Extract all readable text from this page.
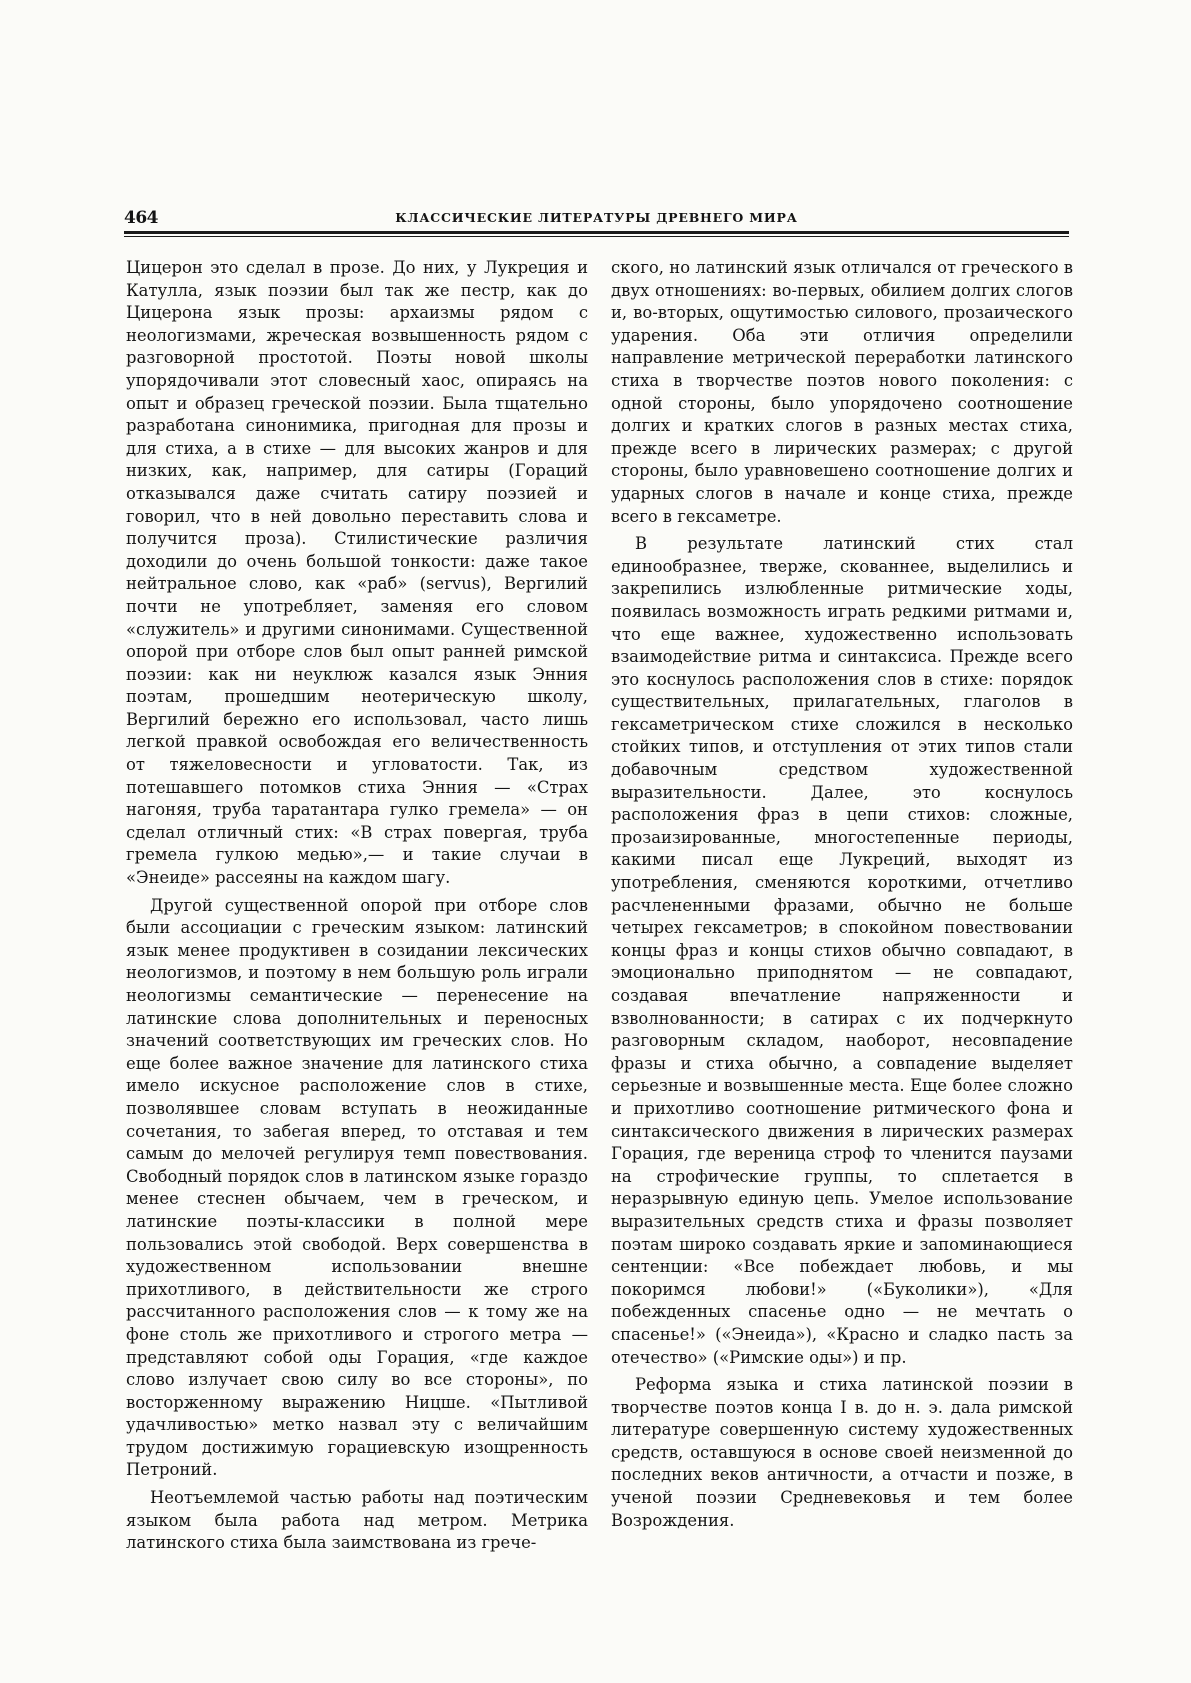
464	КЛАССИЧЕСКИЕ ЛИТЕРАТУРЫ ДРЕВНЕГО МИРА

Цицерон это сделал в прозе. До них, у Лукреция и Катулла, язык поэзии был так же пестр, как до Цицерона язык прозы: архаизмы рядом с неологизмами, жреческая возвышенность рядом с разговорной простотой. Поэты новой школы упорядочивали этот словесный хаос, опираясь на опыт и образец греческой поэзии. Была тщательно разработана синонимика, пригодная для прозы и для стиха, а в стихе — для высоких жанров и для низких, как, например, для сатиры (Гораций отказывался даже считать сатиру поэзией и говорил, что в ней довольно переставить слова и получится проза). Стилистические различия доходили до очень большой тонкости: даже такое нейтральное слово, как «раб» (servus), Вергилий почти не употребляет, заменяя его словом «служитель» и другими синонимами. Существенной опорой при отборе слов был опыт ранней римской поэзии: как ни неуклюж казался язык Энния поэтам, прошедшим неотерическую школу, Вергилий бережно его использовал, часто лишь легкой правкой освобождая его величественность от тяжеловесности и угловатости. Так, из потешавшего потомков стиха Энния — «Страх нагоняя, труба таратантара гулко гремела» — он сделал отличный стих: «В страх повергая, труба гремела гулкою медью»,— и такие случаи в «Энеиде» рассеяны на каждом шагу.

Другой существенной опорой при отборе слов были ассоциации с греческим языком: латинский язык менее продуктивен в созидании лексических неологизмов, и поэтому в нем большую роль играли неологизмы семантические — перенесение на латинские слова дополнительных и переносных значений соответствующих им греческих слов. Но еще более важное значение для латинского стиха имело искусное расположение слов в стихе, позволявшее словам вступать в неожиданные сочетания, то забегая вперед, то отставая и тем самым до мелочей регулируя темп повествования. Свободный порядок слов в латинском языке гораздо менее стеснен обычаем, чем в греческом, и латинские поэты-классики в полной мере пользовались этой свободой. Верх совершенства в художественном использовании внешне прихотливого, в действительности же строго рассчитанного расположения слов — к тому же на фоне столь же прихотливого и строгого метра — представляют собой оды Горация, «где каждое слово излучает свою силу во все стороны», по восторженному выражению Ницше. «Пытливой удачливостью» метко назвал эту с величайшим трудом достижимую горациевскую изощренность Петроний.

Неотъемлемой частью работы над поэтическим языком была работа над метром. Метрика латинского стиха была заимствована из грече-

ского, но латинский язык отличался от греческого в двух отношениях: во-первых, обилием долгих слогов и, во-вторых, ощутимостью силового, прозаического ударения. Оба эти отличия определили направление метрической переработки латинского стиха в творчестве поэтов нового поколения: с одной стороны, было упорядочено соотношение долгих и кратких слогов в разных местах стиха, прежде всего в лирических размерах; с другой стороны, было уравновешено соотношение долгих и ударных слогов в начале и конце стиха, прежде всего в гексаметре.

В результате латинский стих стал единообразнее, тверже, скованнее, выделились и закрепились излюбленные ритмические ходы, появилась возможность играть редкими ритмами и, что еще важнее, художественно использовать взаимодействие ритма и синтаксиса. Прежде всего это коснулось расположения слов в стихе: порядок существительных, прилагательных, глаголов в гексаметрическом стихе сложился в несколько стойких типов, и отступления от этих типов стали добавочным средством художественной выразительности. Далее, это коснулось расположения фраз в цепи стихов: сложные, прозаизированные, многостепенные периоды, какими писал еще Лукреций, выходят из употребления, сменяются короткими, отчетливо расчлененными фразами, обычно не больше четырех гексаметров; в спокойном повествовании концы фраз и концы стихов обычно совпадают, в эмоционально приподнятом — не совпадают, создавая впечатление напряженности и взволнованности; в сатирах с их подчеркнуто разговорным складом, наоборот, несовпадение фразы и стиха обычно, а совпадение выделяет серьезные и возвышенные места. Еще более сложно и прихотливо соотношение ритмического фона и синтаксического движения в лирических размерах Горация, где вереница строф то членится паузами на строфические группы, то сплетается в неразрывную единую цепь. Умелое использование выразительных средств стиха и фразы позволяет поэтам широко создавать яркие и запоминающиеся сентенции: «Все побеждает любовь, и мы покоримся любови!» («Буколики»), «Для побежденных спасенье одно — не мечтать о спасенье!» («Энеида»), «Красно и сладко пасть за отечество» («Римские оды») и пр.

Реформа языка и стиха латинской поэзии в творчестве поэтов конца I в. до н. э. дала римской литературе совершенную систему художественных средств, оставшуюся в основе своей неизменной до последних веков античности, а отчасти и позже, в ученой поэзии Средневековья и тем более Возрождения.
